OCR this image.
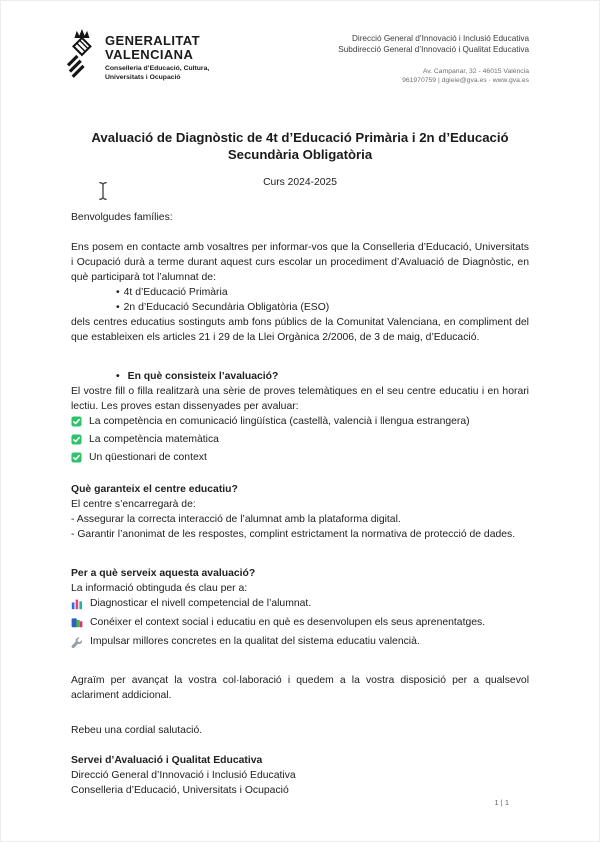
GENERALITAT
VALENCIANA
Conselleria d’Educació, Cultura,
Universitats i Ocupació
Direcció General d’Innovació i Inclusió Educativa
Subdirecció General d’Innovació i Qualitat Educativa
Av. Campanar, 32 - 46015 València
961970759 | dgieie@gva.es · www.gva.es
Avaluació de Diagnòstic de 4t d’Educació Primària i 2n d’Educació Secundària Obligatòria
Curs 2024-2025
Benvolgudes famílies:
Ens posem en contacte amb vosaltres per informar-vos que la Conselleria d’Educació, Universitats i Ocupació durà a terme durant aquest curs escolar un procediment d’Avaluació de Diagnòstic, en què participarà tot l’alumnat de:
• 4t d’Educació Primària
• 2n d’Educació Secundària Obligatòria (ESO)
dels centres educatius sostinguts amb fons públics de la Comunitat Valenciana, en compliment del que estableixen els articles 21 i 29 de la Llei Orgànica 2/2006, de 3 de maig, d’Educació.
• En què consisteix l’avaluació?
El vostre fill o filla realitzarà una sèrie de proves telemàtiques en el seu centre educatiu i en horari lectiu. Les proves estan dissenyades per avaluar:
La competència en comunicació lingüística (castellà, valencià i llengua estrangera)
La competència matemàtica
Un qüestionari de context
Què garanteix el centre educatiu?
El centre s’encarregarà de:
- Assegurar la correcta interacció de l’alumnat amb la plataforma digital.
- Garantir l’anonimat de les respostes, complint estrictament la normativa de protecció de dades.
Per a què serveix aquesta avaluació?
La informació obtinguda és clau per a:
Diagnosticar el nivell competencial de l’alumnat.
Conéixer el context social i educatiu en què es desenvolupen els seus aprenentatges.
Impulsar millores concretes en la qualitat del sistema educatiu valencià.
Agraïm per avançat la vostra col·laboració i quedem a la vostra disposició per a qualsevol aclariment addicional.
Rebeu una cordial salutació.
Servei d’Avaluació i Qualitat Educativa
Direcció General d’Innovació i Inclusió Educativa
Conselleria d’Educació, Universitats i Ocupació
1 | 1
